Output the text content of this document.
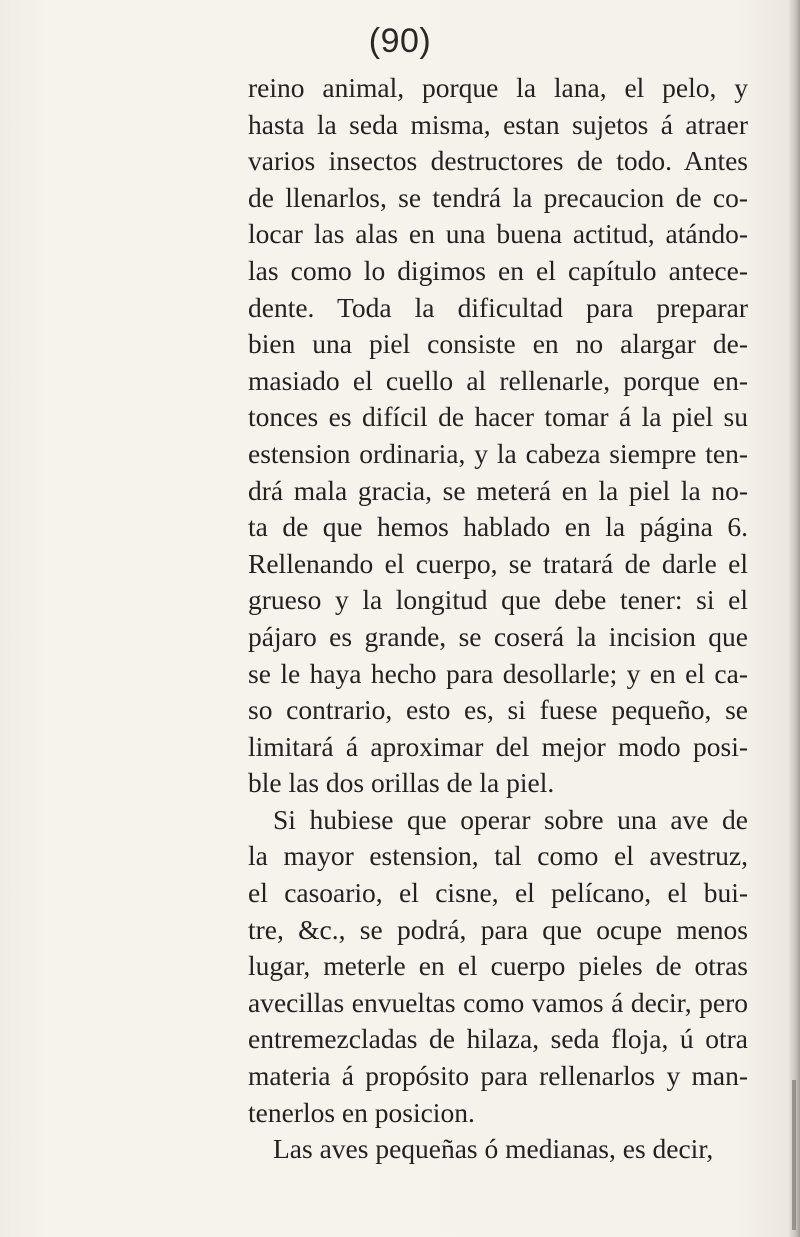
(90)
reino animal, porque la lana, el pelo, y
hasta la seda misma, estan sujetos á atraer
varios insectos destructores de todo. Antes
de llenarlos, se tendrá la precaucion de co-
locar las alas en una buena actitud, atándo-
las como lo digimos en el capítulo antece-
dente. Toda la dificultad para preparar
bien una piel consiste en no alargar de-
masiado el cuello al rellenarle, porque en-
tonces es difícil de hacer tomar á la piel su
estension ordinaria, y la cabeza siempre ten-
drá mala gracia, se meterá en la piel la no-
ta de que hemos hablado en la página 6.
Rellenando el cuerpo, se tratará de darle el
grueso y la longitud que debe tener: si el
pájaro es grande, se coserá la incision que
se le haya hecho para desollarle; y en el ca-
so contrario, esto es, si fuese pequeño, se
limitará á aproximar del mejor modo posi-
ble las dos orillas de la piel.
Si hubiese que operar sobre una ave de
la mayor estension, tal como el avestruz,
el casoario, el cisne, el pelícano, el bui-
tre, &c., se podrá, para que ocupe menos
lugar, meterle en el cuerpo pieles de otras
avecillas envueltas como vamos á decir, pero
entremezcladas de hilaza, seda floja, ú otra
materia á propósito para rellenarlos y man-
tenerlos en posicion.
Las aves pequeñas ó medianas, es decir,
